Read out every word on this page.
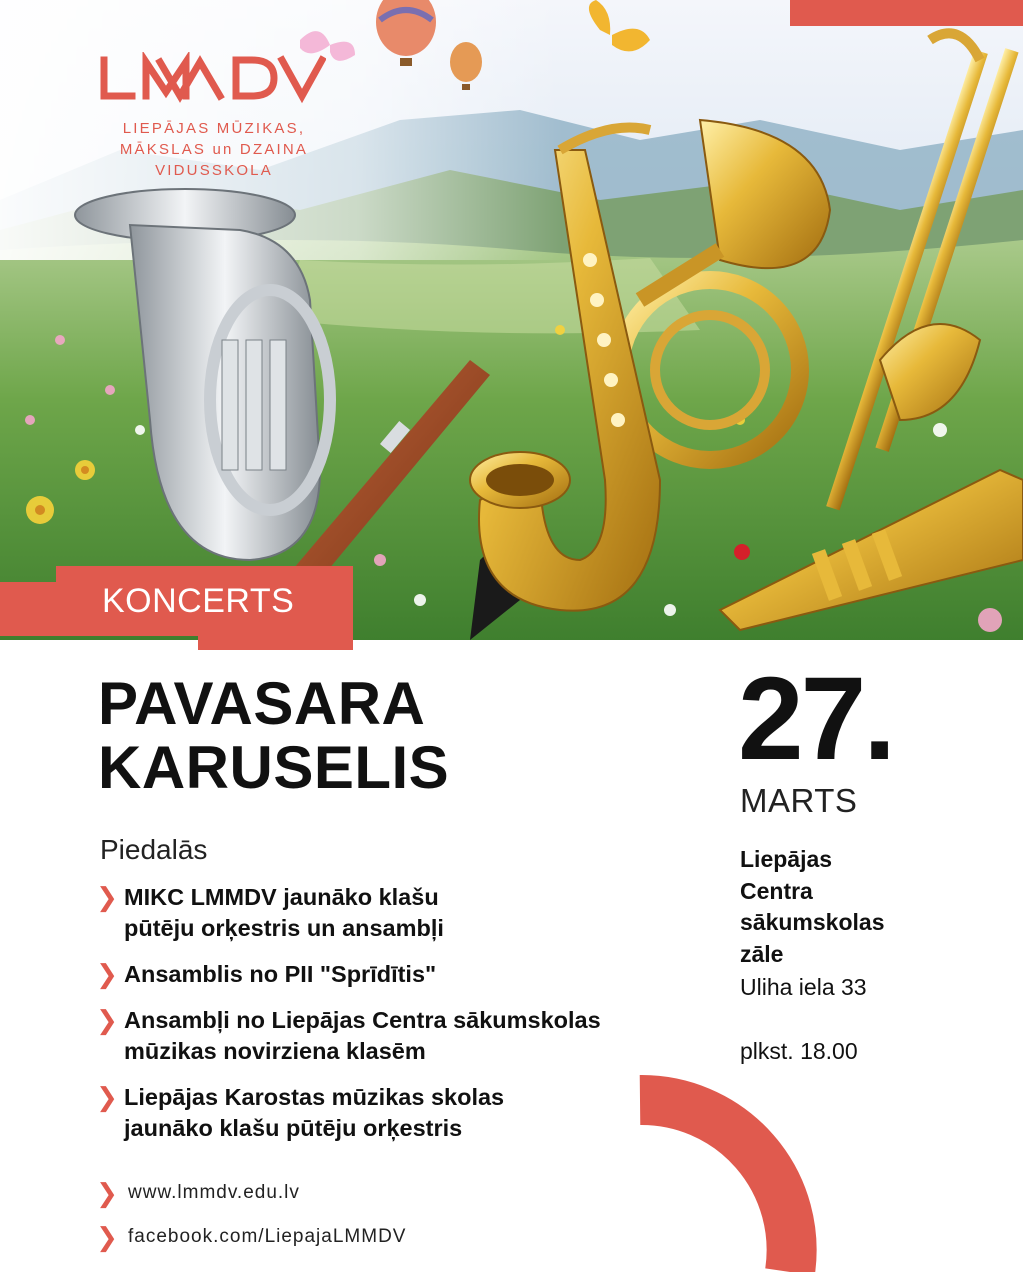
LIEPĀJAS MŪZIKAS,
MĀKSLAS un DZAINA
VIDUSSKOLA
KONCERTS
PAVASARA
KARUSELIS
Piedalās
❯ MIKC LMMDV jaunāko klašu
pūtēju orķestris un ansambļi
❯ Ansamblis no PII "Sprīdītis"
❯ Ansambļi no Liepājas Centra sākumskolas
mūzikas novirziena klasēm
❯ Liepājas Karostas mūzikas skolas
jaunāko klašu pūtēju orķestris
❯ www.lmmdv.edu.lv
❯ facebook.com/LiepajaLMMDV
27.
MARTS
Liepājas
Centra
sākumskolas
zāle
Uliha iela 33
plkst. 18.00
